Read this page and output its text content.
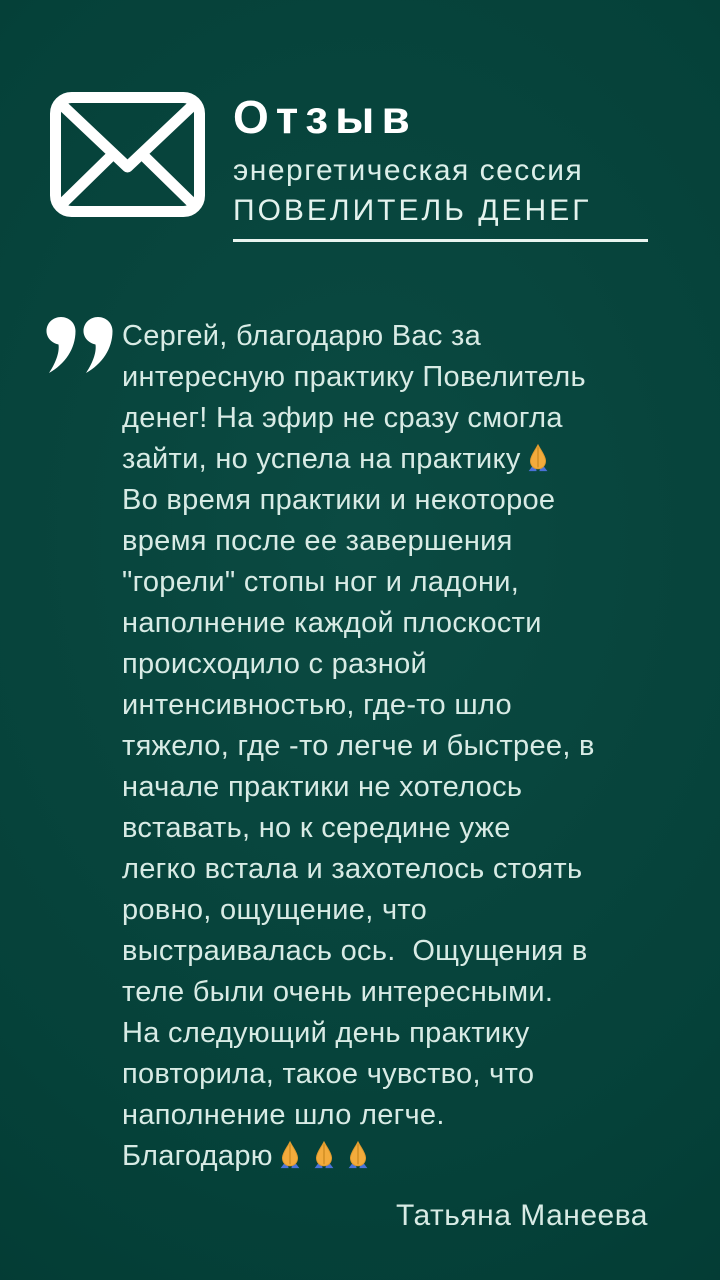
Отзыв
энергетическая сессия
ПОВЕЛИТЕЛЬ ДЕНЕГ
Сергей, благодарю Вас за
интересную практику Повелитель
денег! На эфир не сразу смогла
зайти, но успела на практику

Во время практики и некоторое
время после ее завершения
"горели" стопы ног и ладони,
наполнение каждой плоскости
происходило с разной
интенсивностью, где-то шло
тяжело, где -то легче и быстрее, в
начале практики не хотелось
вставать, но к середине уже
легко встала и захотелось стоять
ровно, ощущение, что
выстраивалась ось.  Ощущения в
теле были очень интересными.
На следующий день практику
повторила, такое чувство, что
наполнение шло легче.
Благодарю
Татьяна Манеева
